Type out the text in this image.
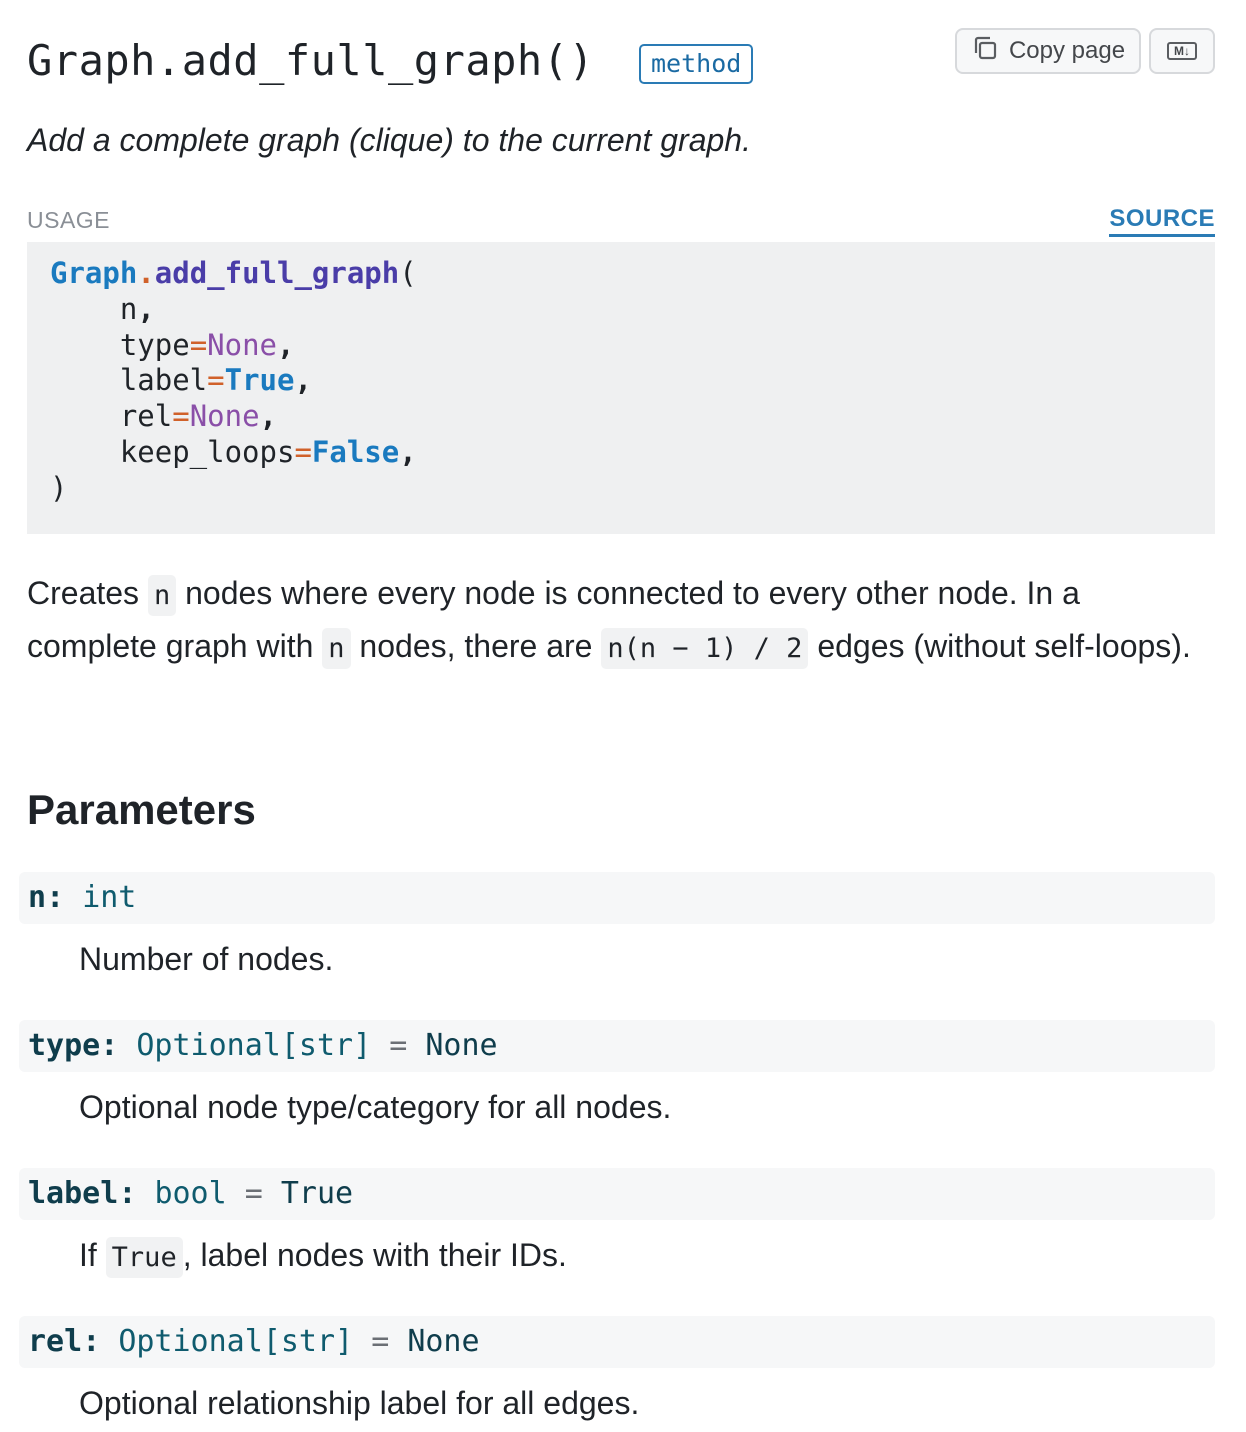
Graph.add_full_graph()	method	Copy page	M↓

Add a complete graph (clique) to the current graph.

USAGE	SOURCE
Graph.add_full_graph(
n,
type=None,
label=True,
rel=None,
keep_loops=False,
)

Creates n nodes where every node is connected to every other node. In a complete graph with n nodes, there are n(n − 1) / 2 edges (without self-loops).

Parameters
n: int

Number of nodes.

type: Optional[str] = None

Optional node type/category for all nodes.

label: bool = True

If True , label nodes with their IDs.

rel: Optional[str] = None

Optional relationship label for all edges.
